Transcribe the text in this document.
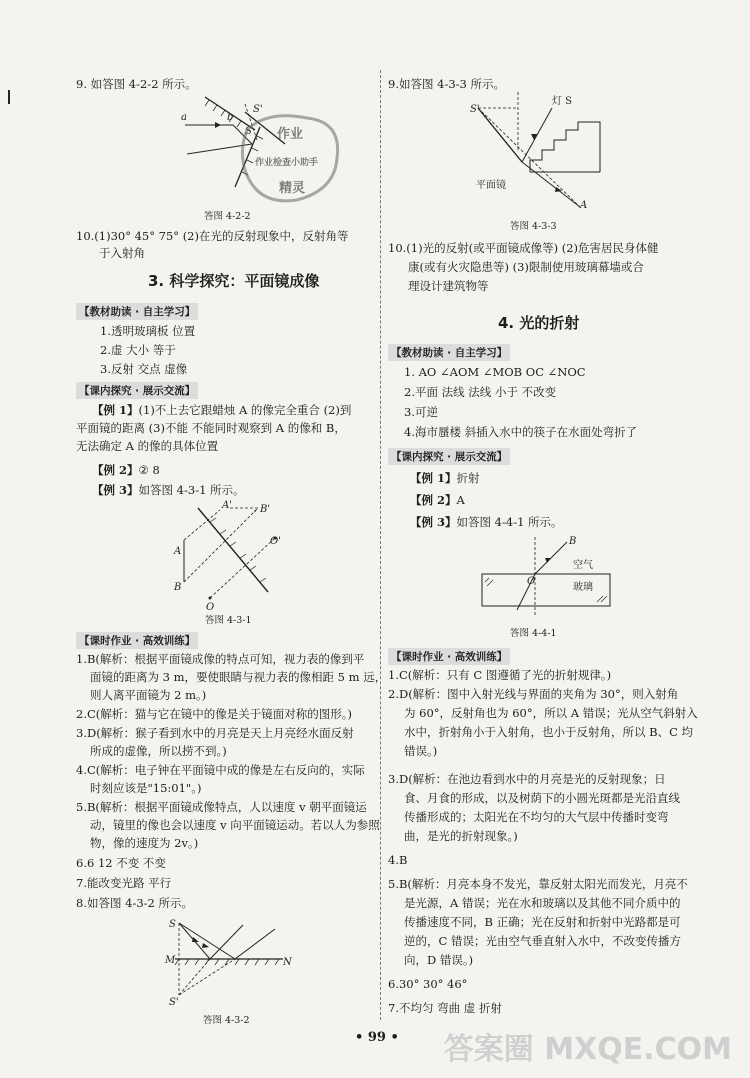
9. 如答图 4-2-2 所示。
S'
a	b
S 作业
作业检查小助手
精灵
答图 4-2-2
10.(1)30° 45° 75° (2)在光的反射现象中，反射角等
于入射角
3. 科学探究：平面镜成像
【教材助读 · 自主学习】
1.透明玻璃板 位置
2.虚 大小 等于
3.反射 交点 虚像
【课内探究 · 展示交流】
【例 1】(1)不上去它跟蜡烛 A 的像完全重合 (2)到
平面镜的距离 (3)不能 不能同时观察到 A 的像和 B，
无法确定 A 的像的具体位置
【例 2】② 8
【例 3】如答图 4-3-1 所示。
A'	B'
A
O'
B
O
答图 4-3-1
【课时作业 · 高效训练】
1.B(解析：根据平面镜成像的特点可知，视力表的像到平
面镜的距离为 3 m，要使眼睛与视力表的像相距 5 m 远，
则人离平面镜为 2 m。)
2.C(解析：猫与它在镜中的像是关于镜面对称的图形。)
3.D(解析：猴子看到水中的月亮是天上月亮经水面反射
所成的虚像，所以捞不到。)
4.C(解析：电子钟在平面镜中成的像是左右反向的，实际
时刻应该是"15:01"。)
5.B(解析：根据平面镜成像特点，人以速度 v 朝平面镜运
动，镜里的像也会以速度 v 向平面镜运动。若以人为参照
物，像的速度为 2v。)
6.6 12 不变 不变
7.能改变光路 平行
8.如答图 4-3-2 所示。
S
M	N
S'
答图 4-3-2
9.如答图 4-3-3 所示。
S'
灯 S
平面镜
A
答图 4-3-3
10.(1)光的反射(或平面镜成像等) (2)危害居民身体健
康(或有火灾隐患等) (3)限制使用玻璃幕墙或合
理设计建筑物等
4. 光的折射
【教材助读 · 自主学习】
1. AO ∠AOM ∠MOB OC ∠NOC
2.平面 法线 法线 小于 不改变
3.可逆
4.海市蜃楼 斜插入水中的筷子在水面处弯折了
【课内探究 · 展示交流】
【例 1】折射
【例 2】A
【例 3】如答图 4-4-1 所示。
B
空气
O
玻璃
答图 4-4-1
【课时作业 · 高效训练】
1.C(解析：只有 C 图遵循了光的折射规律。)
2.D(解析：图中入射光线与界面的夹角为 30°，则入射角
为 60°，反射角也为 60°，所以 A 错误；光从空气斜射入
水中，折射角小于入射角，也小于反射角，所以 B、C 均
错误。)
3.D(解析：在池边看到水中的月亮是光的反射现象；日
食、月食的形成，以及树荫下的小圆光斑都是光沿直线
传播形成的；太阳光在不均匀的大气层中传播时变弯
曲，是光的折射现象。)
4.B
5.B(解析：月亮本身不发光，靠反射太阳光而发光，月亮不
是光源，A 错误；光在水和玻璃以及其他不同介质中的
传播速度不同，B 正确；光在反射和折射中光路都是可
逆的，C 错误；光由空气垂直射入水中，不改变传播方
向，D 错误。)
6.30° 30° 46°
7.不均匀 弯曲 虚 折射
• 99 • 答案圈 MXQE.COM
